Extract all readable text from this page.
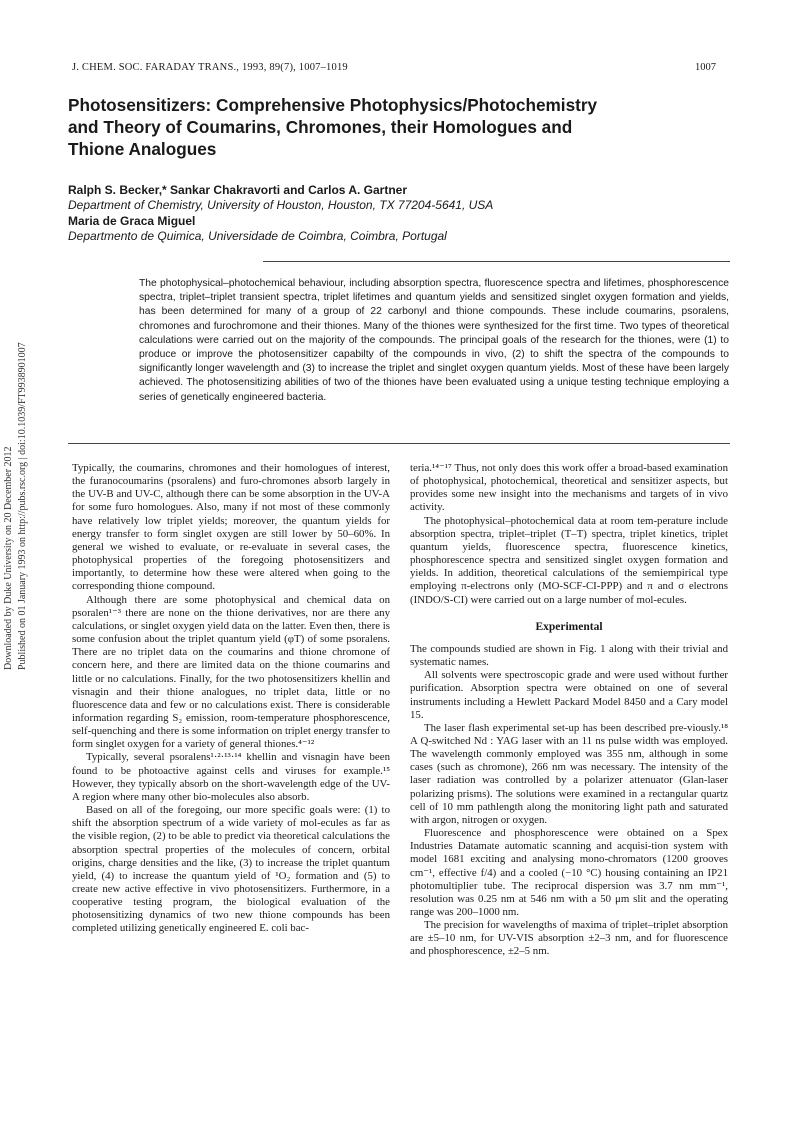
Downloaded by Duke University on 20 December 2012 Published on 01 January 1993 on http://pubs.rsc.org | doi:10.1039/FT9938901007
J. CHEM. SOC. FARADAY TRANS., 1993, 89(7), 1007–1019	1007
Photosensitizers: Comprehensive Photophysics/Photochemistry
and Theory of Coumarins, Chromones, their Homologues and
Thione Analogues
Ralph S. Becker,* Sankar Chakravorti and Carlos A. Gartner
Department of Chemistry, University of Houston, Houston, TX 77204-5641, USA
Maria de Graca Miguel
Departmento de Quimica, Universidade de Coimbra, Coimbra, Portugal
The photophysical–photochemical behaviour, including absorption spectra, fluorescence spectra and lifetimes, phosphorescence spectra, triplet–triplet transient spectra, triplet lifetimes and quantum yields and sensitized singlet oxygen formation and yields, has been determined for many of a group of 22 carbonyl and thione compounds. These include coumarins, psoralens, chromones and furochromone and their thiones. Many of the thiones were synthesized for the first time. Two types of theoretical calculations were carried out on the majority of the compounds. The principal goals of the research for the thiones, were (1) to produce or improve the photosensitizer capabilty of the compounds in vivo, (2) to shift the spectra of the compounds to significantly longer wavelength and (3) to increase the triplet and singlet oxygen quantum yields. Most of these have been largely achieved. The photosensitizing abilities of two of the thiones have been evaluated using a unique testing technique employing a series of genetically engineered bacteria.

Typically, the coumarins, chromones and their homologues of interest, the furanocoumarins (psoralens) and furo-chromones absorb largely in the UV-B and UV-C, although there can be some absorption in the UV-A for some furo homologues. Also, many if not most of these commonly have relatively low triplet yields; moreover, the quantum yields for energy transfer to form singlet oxygen are still lower by 50–60%. In general we wished to evaluate, or re-evaluate in several cases, the photophysical properties of the foregoing photosensitizers and importantly, to determine how these were altered when going to the corresponding thione compound.

Although there are some photophysical and chemical data on psoralen¹⁻³ there are none on the thione derivatives, nor are there any calculations, or singlet oxygen yield data on the latter. Even then, there is some confusion about the triplet quantum yield (φT) of some psoralens. There are no triplet data on the coumarins and thione chromone of concern here, and there are limited data on the thione coumarins and little or no calculations. Finally, for the two photosensitizers khellin and visnagin and their thione analogues, no triplet data, little or no fluorescence data and few or no calculations exist. There is considerable information regarding S₂ emission, room-temperature phosphorescence, self-quenching and there is some information on triplet energy transfer to form singlet oxygen for a variety of general thiones.⁴⁻¹²

Typically, several psoralens¹·²·¹³·¹⁴ khellin and visnagin have been found to be photoactive against cells and viruses for example.¹⁵ However, they typically absorb on the short-wavelength edge of the UV-A region where many other bio-molecules also absorb.

Based on all of the foregoing, our more specific goals were: (1) to shift the absorption spectrum of a wide variety of mol-ecules as far as the visible region, (2) to be able to predict via theoretical calculations the absorption spectral properties of the molecules of concern, orbital origins, charge densities and the like, (3) to increase the triplet quantum yield, (4) to increase the quantum yield of ¹O₂ formation and (5) to create new active effective in vivo photosensitizers. Furthermore, in a cooperative testing program, the biological evaluation of the photosensitizing dynamics of two new thione compounds has been completed utilizing genetically engineered E. coli bac-

teria.¹⁴⁻¹⁷ Thus, not only does this work offer a broad-based examination of photophysical, photochemical, theoretical and sensitizer aspects, but provides some new insight into the mechanisms and targets of in vivo activity.

The photophysical–photochemical data at room tem-perature include absorption spectra, triplet–triplet (T–T) spectra, triplet kinetics, triplet quantum yields, fluorescence spectra, fluorescence kinetics, phosphorescence spectra and sensitized singlet oxygen formation and yields. In addition, theoretical calculations of the semiempirical type employing π-electrons only (MO-SCF-CI-PPP) and π and σ electrons (INDO/S-CI) were carried out on a large number of mol-ecules.

Experimental

The compounds studied are shown in Fig. 1 along with their trivial and systematic names.

All solvents were spectroscopic grade and were used without further purification. Absorption spectra were obtained on one of several instruments including a Hewlett Packard Model 8450 and a Cary model 15.

The laser flash experimental set-up has been described pre-viously.¹⁸ A Q-switched Nd : YAG laser with an 11 ns pulse width was employed. The wavelength commonly employed was 355 nm, although in some cases (such as chromone), 266 nm was necessary. The intensity of the laser radiation was controlled by a polarizer attenuator (Glan-laser polarizing prisms). The solutions were examined in a rectangular quartz cell of 10 mm pathlength along the monitoring light path and saturated with argon, nitrogen or oxygen.

Fluorescence and phosphorescence were obtained on a Spex Industries Datamate automatic scanning and acquisi-tion system with model 1681 exciting and analysing mono-chromators (1200 grooves cm⁻¹, effective f/4) and a cooled (−10 °C) housing containing an IP21 photomultiplier tube. The reciprocal dispersion was 3.7 nm mm⁻¹, resolution was 0.25 nm at 546 nm with a 50 μm slit and the operating range was 200–1000 nm.

The precision for wavelengths of maxima of triplet–triplet absorption are ±5–10 nm, for UV-VIS absorption ±2–3 nm, and for fluorescence and phosphorescence, ±2–5 nm.
